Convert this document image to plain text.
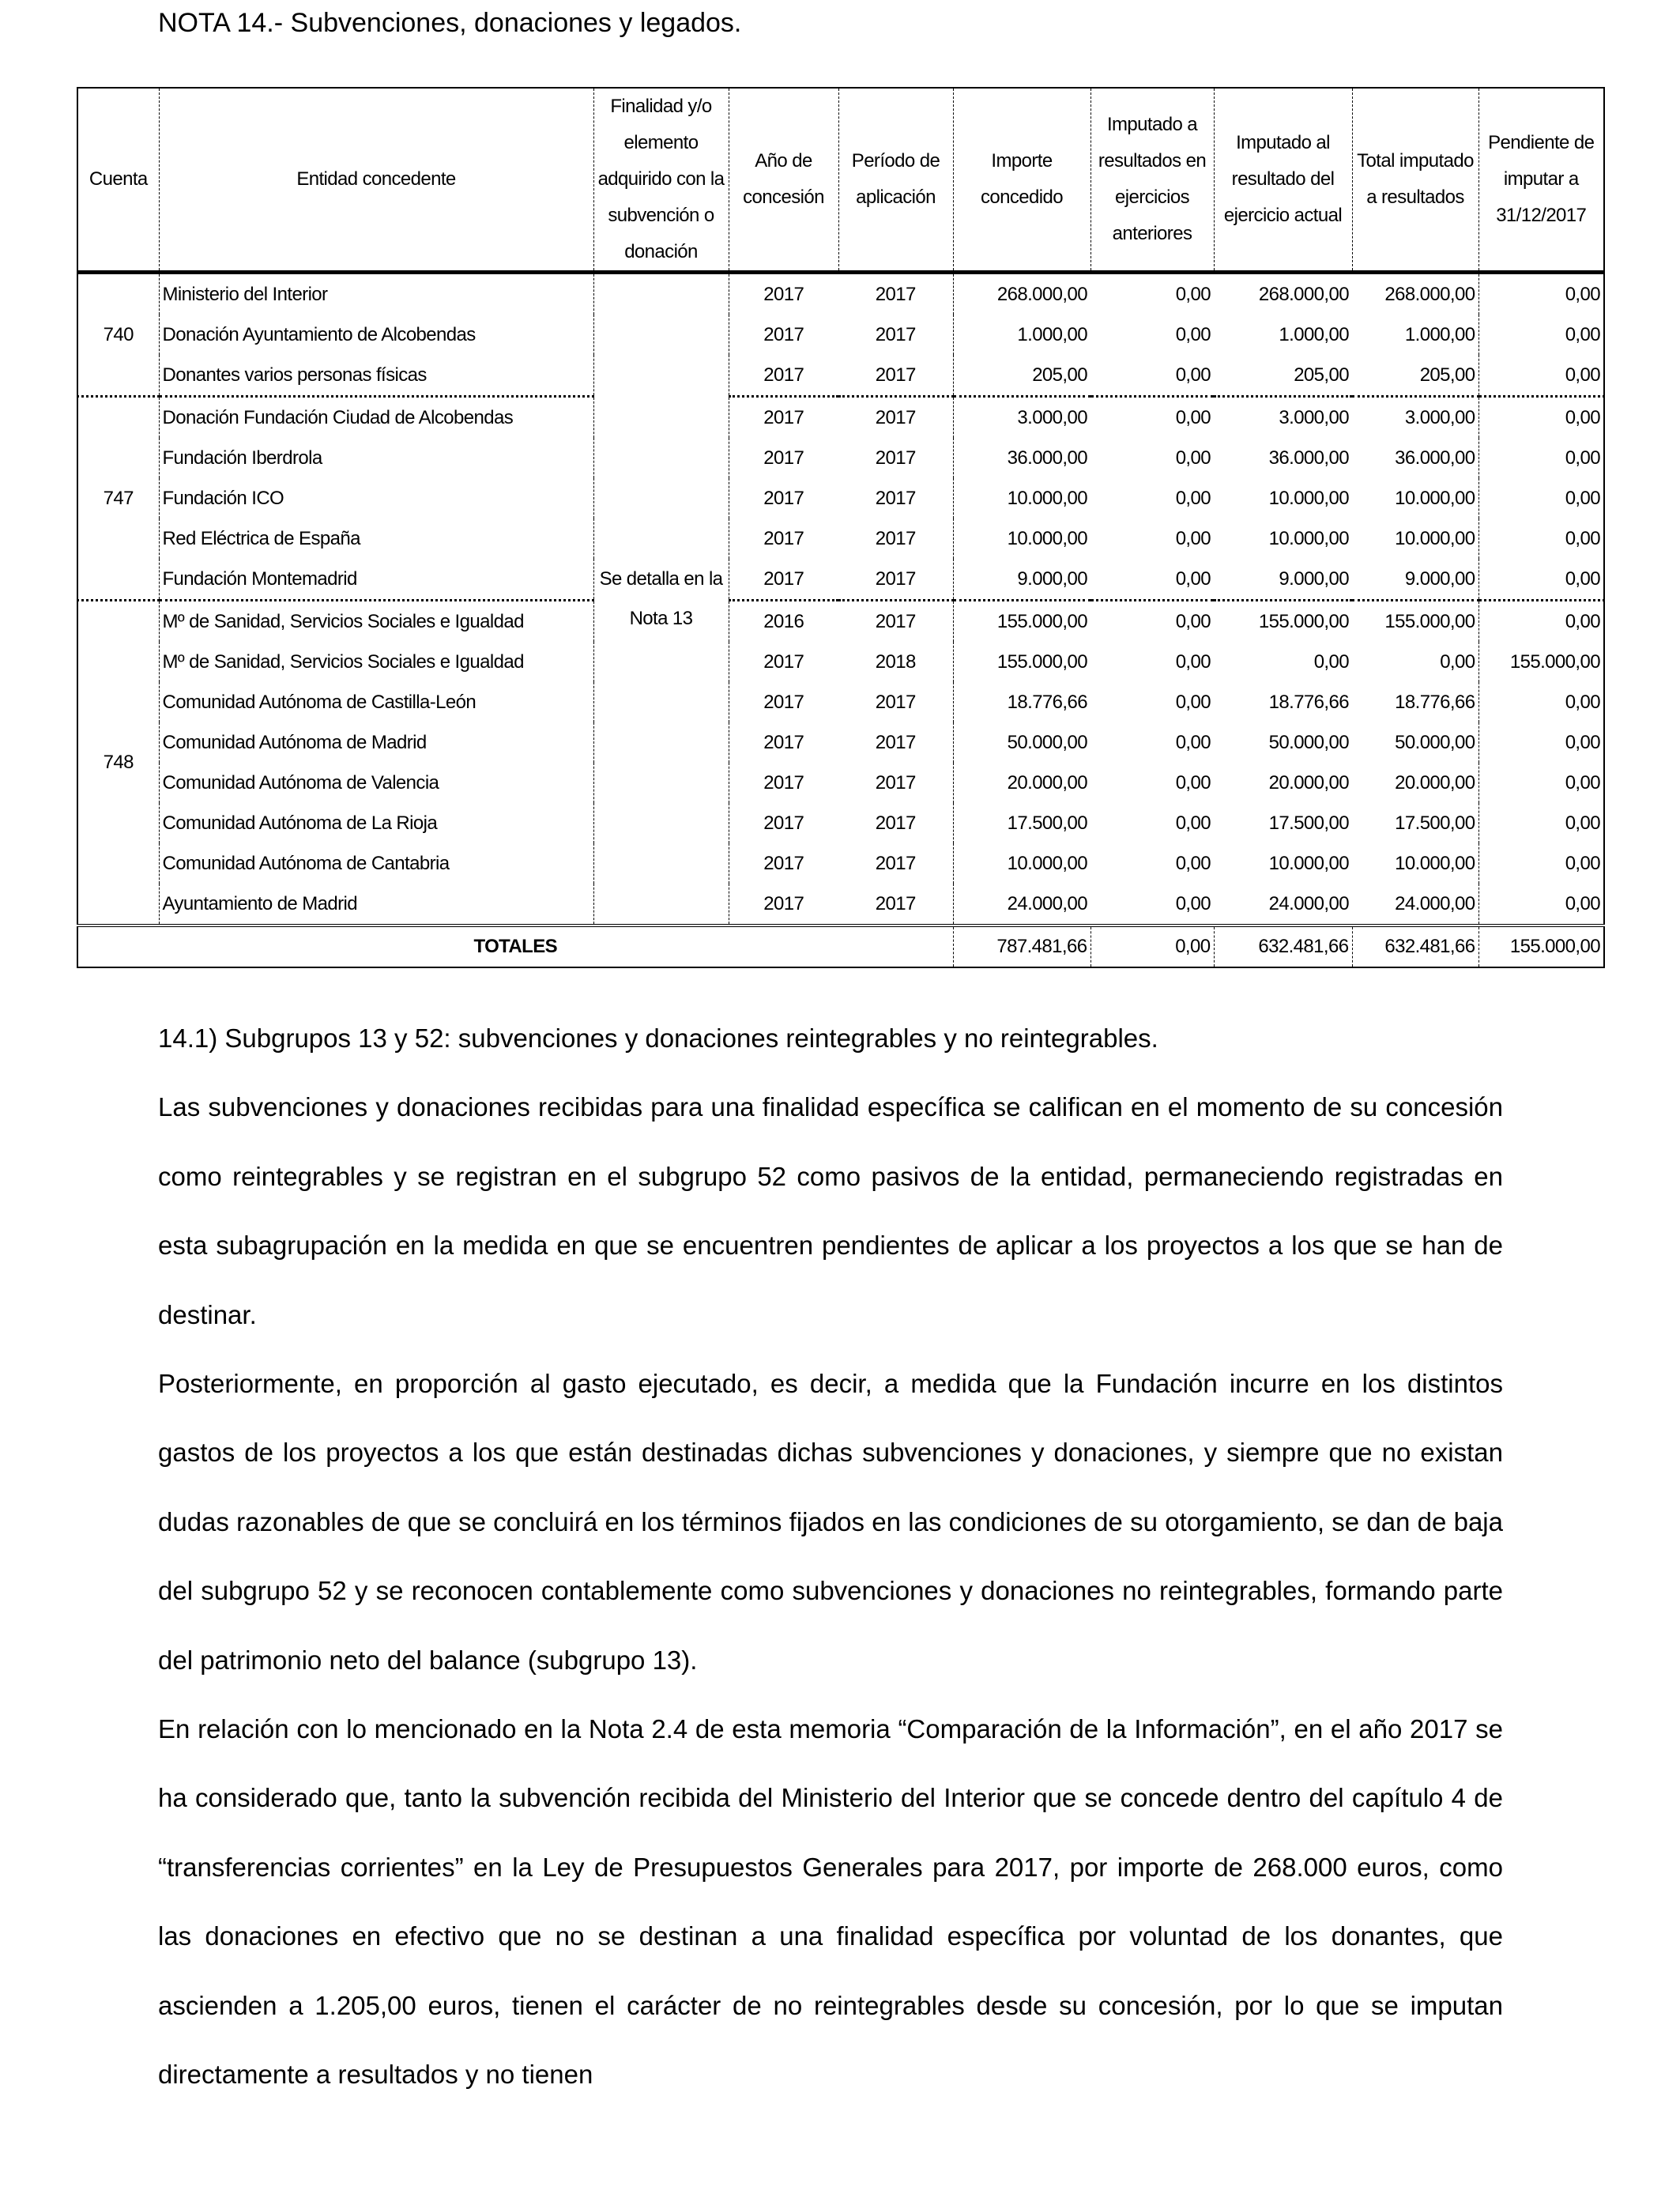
NOTA 14.- Subvenciones, donaciones y legados.
Cuenta	Entidad concedente	Finalidad y/o elemento adquirido con la subvención o donación	Año de concesión	Período de aplicación	Importe concedido	Imputado a resultados en ejercicios anteriores	Imputado al resultado del ejercicio actual	Total imputado a resultados	Pendiente de imputar a 31/12/2017
740	Ministerio del Interior	Se detalla en la Nota 13	2017	2017	268.000,00	0,00	268.000,00	268.000,00	0,00
	Donación Ayuntamiento de Alcobendas		2017	2017	1.000,00	0,00	1.000,00	1.000,00	0,00
	Donantes varios personas físicas		2017	2017	205,00	0,00	205,00	205,00	0,00
747	Donación Fundación Ciudad de Alcobendas		2017	2017	3.000,00	0,00	3.000,00	3.000,00	0,00
	Fundación Iberdrola		2017	2017	36.000,00	0,00	36.000,00	36.000,00	0,00
	Fundación ICO		2017	2017	10.000,00	0,00	10.000,00	10.000,00	0,00
	Red Eléctrica de España		2017	2017	10.000,00	0,00	10.000,00	10.000,00	0,00
	Fundación Montemadrid		2017	2017	9.000,00	0,00	9.000,00	9.000,00	0,00
748	Mº de Sanidad, Servicios Sociales e Igualdad		2016	2017	155.000,00	0,00	155.000,00	155.000,00	0,00
	Mº de Sanidad, Servicios Sociales e Igualdad		2017	2018	155.000,00	0,00	0,00	0,00	155.000,00
	Comunidad Autónoma de Castilla-León		2017	2017	18.776,66	0,00	18.776,66	18.776,66	0,00
	Comunidad Autónoma de Madrid		2017	2017	50.000,00	0,00	50.000,00	50.000,00	0,00
	Comunidad Autónoma de Valencia		2017	2017	20.000,00	0,00	20.000,00	20.000,00	0,00
	Comunidad Autónoma de La Rioja		2017	2017	17.500,00	0,00	17.500,00	17.500,00	0,00
	Comunidad Autónoma de Cantabria		2017	2017	10.000,00	0,00	10.000,00	10.000,00	0,00
	Ayuntamiento de Madrid		2017	2017	24.000,00	0,00	24.000,00	24.000,00	0,00
TOTALES					787.481,66	0,00	632.481,66	632.481,66	155.000,00

14.1) Subgrupos 13 y 52: subvenciones y donaciones reintegrables y no reintegrables.

Las subvenciones y donaciones recibidas para una finalidad específica se califican en el momento de su concesión como reintegrables y se registran en el subgrupo 52 como pasivos de la entidad, permaneciendo registradas en esta subagrupación en la medida en que se encuentren pendientes de aplicar a los proyectos a los que se han de destinar.

Posteriormente, en proporción al gasto ejecutado, es decir, a medida que la Fundación incurre en los distintos gastos de los proyectos a los que están destinadas dichas subvenciones y donaciones, y siempre que no existan dudas razonables de que se concluirá en los términos fijados en las condiciones de su otorgamiento, se dan de baja del subgrupo 52 y se reconocen contablemente como subvenciones y donaciones no reintegrables, formando parte del patrimonio neto del balance (subgrupo 13).

En relación con lo mencionado en la Nota 2.4 de esta memoria “Comparación de la Información”, en el año 2017 se ha considerado que, tanto la subvención recibida del Ministerio del Interior que se concede dentro del capítulo 4 de “transferencias corrientes” en la Ley de Presupuestos Generales para 2017, por importe de 268.000 euros, como las donaciones en efectivo que no se destinan a una finalidad específica por voluntad de los donantes, que ascienden a 1.205,00 euros, tienen el carácter de no reintegrables desde su concesión, por lo que se imputan directamente a resultados y no tienen
